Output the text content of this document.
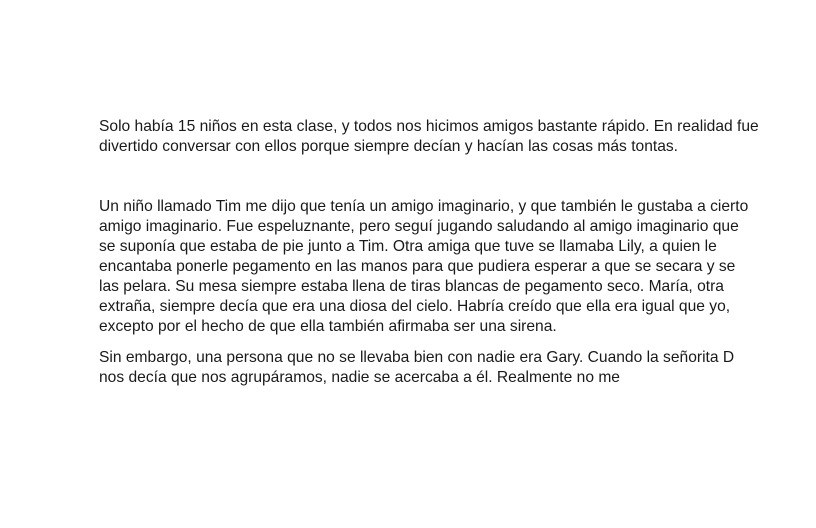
Solo había 15 niños en esta clase, y todos nos hicimos amigos bastante rápido. En realidad fue divertido conversar con ellos porque siempre decían y hacían las cosas más tontas.

Un niño llamado Tim me dijo que tenía un amigo imaginario, y que también le gustaba a cierto amigo imaginario. Fue espeluznante, pero seguí jugando saludando al amigo imaginario que se suponía que estaba de pie junto a Tim. Otra amiga que tuve se llamaba Lily, a quien le encantaba ponerle pegamento en las manos para que pudiera esperar a que se secara y se las pelara. Su mesa siempre estaba llena de tiras blancas de pegamento seco. María, otra extraña, siempre decía que era una diosa del cielo. Habría creído que ella era igual que yo, excepto por el hecho de que ella también afirmaba ser una sirena.

Sin embargo, una persona que no se llevaba bien con nadie era Gary. Cuando la señorita D nos decía que nos agrupáramos, nadie se acercaba a él. Realmente no me
